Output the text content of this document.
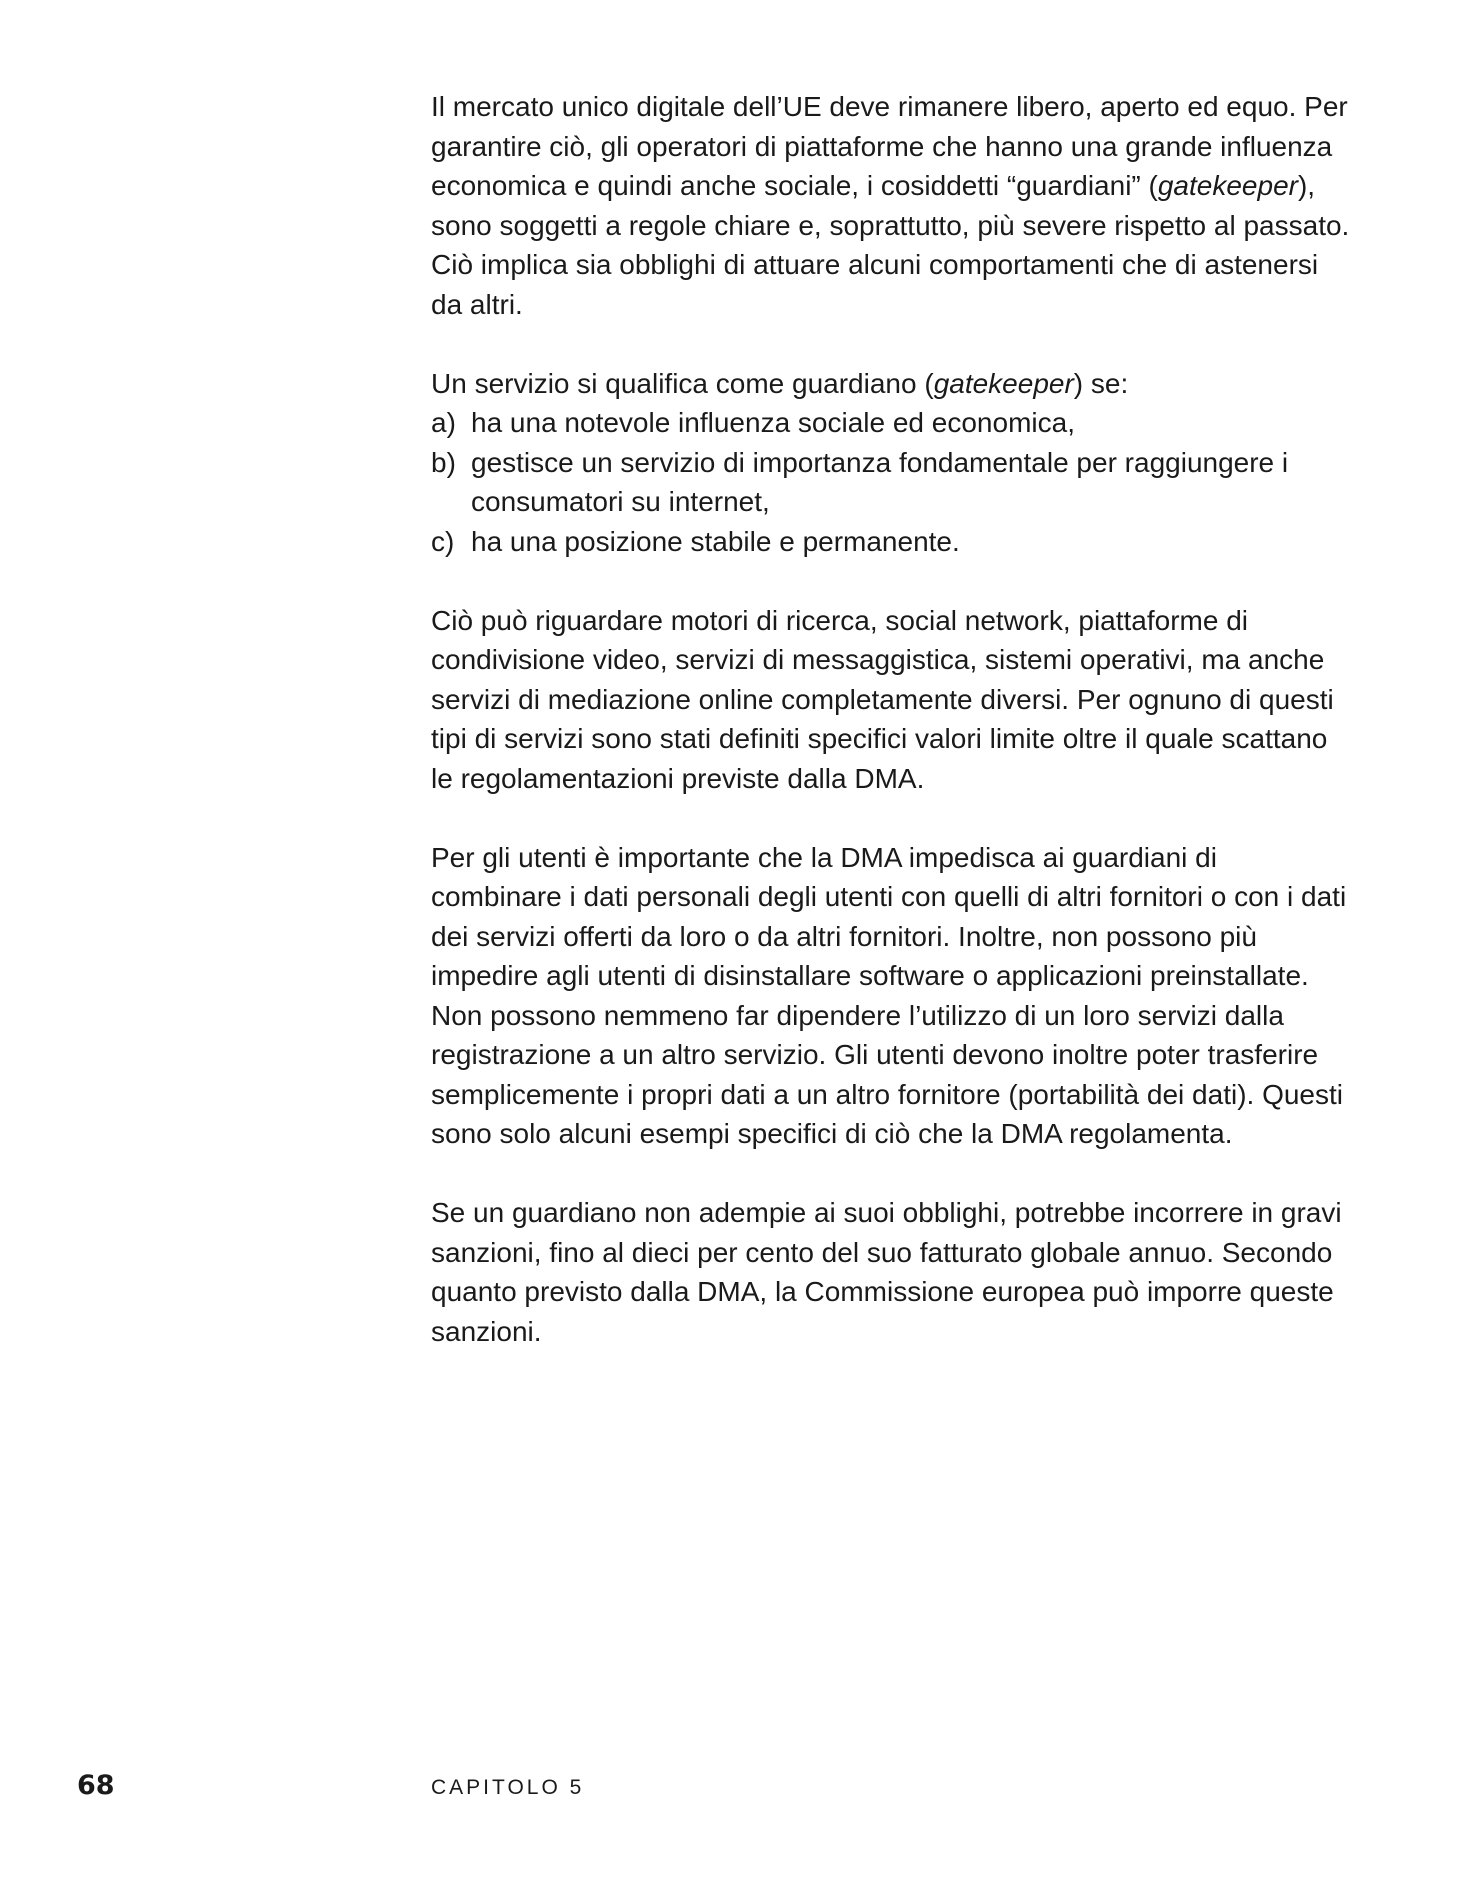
Il mercato unico digitale dell’UE deve rimanere libero, aperto ed equo. Per garantire ciò, gli operatori di piattaforme che hanno una grande influenza economica e quindi anche sociale, i cosiddetti “guardiani” (gatekeeper), sono soggetti a regole chiare e, soprattutto, più severe rispetto al passato. Ciò implica sia obblighi di attuare alcuni comportamenti che di astenersi da altri.

Un servizio si qualifica come guardiano (gatekeeper) se:
a) ha una notevole influenza sociale ed economica,
b) gestisce un servizio di importanza fondamentale per raggiungere i consumatori su internet,
c) ha una posizione stabile e permanente.

Ciò può riguardare motori di ricerca, social network, piattaforme di condivisione video, servizi di messaggistica, sistemi operativi, ma anche servizi di mediazione online completamente diversi. Per ognuno di questi tipi di servizi sono stati definiti specifici valori limite oltre il quale scattano le regolamentazioni previste dalla DMA.

Per gli utenti è importante che la DMA impedisca ai guardiani di combinare i dati personali degli utenti con quelli di altri fornitori o con i dati dei servizi offerti da loro o da altri fornitori. Inoltre, non possono più impedire agli utenti di disinstallare software o applicazioni preinstallate. Non possono nemmeno far dipendere l’utilizzo di un loro servizi dalla registrazione a un altro servizio. Gli utenti devono inoltre poter trasferire semplicemente i propri dati a un altro fornitore (portabilità dei dati). Questi sono solo alcuni esempi specifici di ciò che la DMA regolamenta.

Se un guardiano non adempie ai suoi obblighi, potrebbe incorrere in gravi sanzioni, fino al dieci per cento del suo fatturato globale annuo. Secondo quanto previsto dalla DMA, la Commissione europea può imporre queste sanzioni.

68	CAPITOLO 5
